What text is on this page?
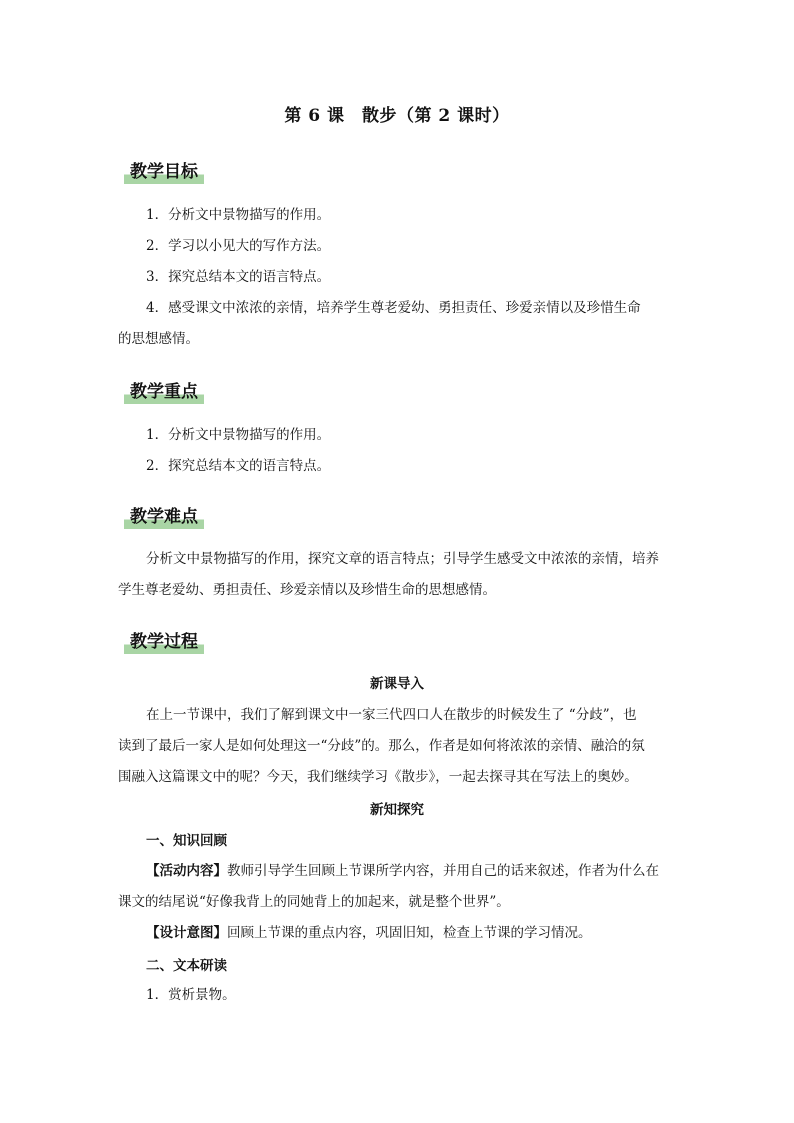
第 6 课　散步（第 2 课时）
教学目标
1．分析文中景物描写的作用。
2．学习以小见大的写作方法。
3．探究总结本文的语言特点。
4．感受课文中浓浓的亲情，培养学生尊老爱幼、勇担责任、珍爱亲情以及珍惜生命
的思想感情。
教学重点
1．分析文中景物描写的作用。
2．探究总结本文的语言特点。
教学难点
分析文中景物描写的作用，探究文章的语言特点；引导学生感受文中浓浓的亲情，培养
学生尊老爱幼、勇担责任、珍爱亲情以及珍惜生命的思想感情。
教学过程
新课导入
在上一节课中，我们了解到课文中一家三代四口人在散步的时候发生了 “分歧”，也
读到了最后一家人是如何处理这一“分歧”的。那么，作者是如何将浓浓的亲情、融洽的氛
围融入这篇课文中的呢？今天，我们继续学习《散步》，一起去探寻其在写法上的奥妙。
新知探究
一、知识回顾
【活动内容】教师引导学生回顾上节课所学内容，并用自己的话来叙述，作者为什么在
课文的结尾说“好像我背上的同她背上的加起来，就是整个世界”。
【设计意图】回顾上节课的重点内容，巩固旧知，检查上节课的学习情况。
二、文本研读
1．赏析景物。
